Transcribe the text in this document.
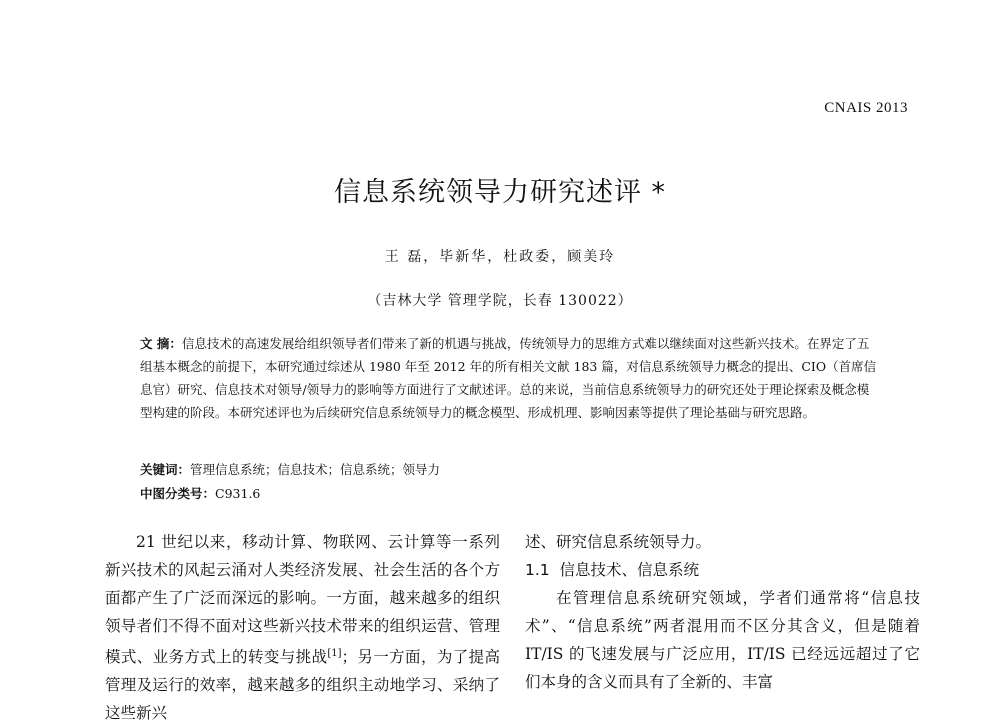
CNAIS 2013
信息系统领导力研究述评 *
王 磊，毕新华，杜政委，顾美玲
（吉林大学 管理学院，长春 130022）
文 摘：信息技术的高速发展给组织领导者们带来了新的机遇与挑战，传统领导力的思维方式难以继续面对这些新兴技术。在界定了五组基本概念的前提下，本研究通过综述从 1980 年至 2012 年的所有相关文献 183 篇，对信息系统领导力概念的提出、CIO（首席信息官）研究、信息技术对领导/领导力的影响等方面进行了文献述评。总的来说，当前信息系统领导力的研究还处于理论探索及概念模型构建的阶段。本研究述评也为后续研究信息系统领导力的概念模型、形成机理、影响因素等提供了理论基础与研究思路。
关键词：管理信息系统；信息技术；信息系统；领导力
中图分类号：C931.6

21 世纪以来，移动计算、物联网、云计算等一系列新兴技术的风起云涌对人类经济发展、社会生活的各个方面都产生了广泛而深远的影响。一方面，越来越多的组织领导者们不得不面对这些新兴技术带来的组织运营、管理模式、业务方式上的转变与挑战[1]；另一方面，为了提高管理及运行的效率，越来越多的组织主动地学习、采纳了这些新兴

述、研究信息系统领导力。

1.1 信息技术、信息系统

在管理信息系统研究领域，学者们通常将“信息技术”、“信息系统”两者混用而不区分其含义，但是随着 IT/IS 的飞速发展与广泛应用，IT/IS 已经远远超过了它们本身的含义而具有了全新的、丰富
